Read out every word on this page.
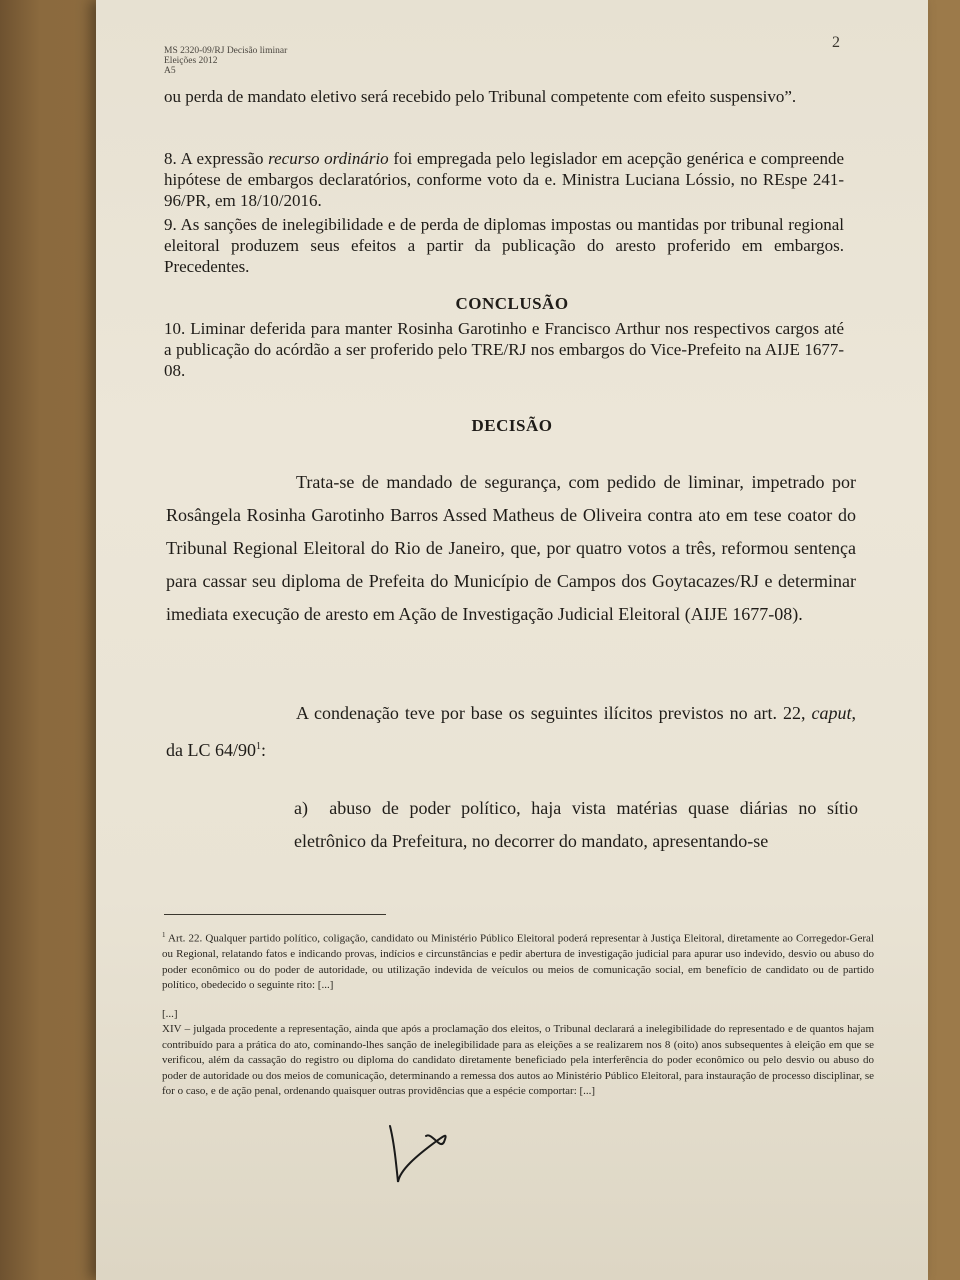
MS 2320-09/RJ Decisão liminar
Eleições 2012
A5
2
ou perda de mandato eletivo será recebido pelo Tribunal competente com efeito suspensivo”.
8. A expressão recurso ordinário foi empregada pelo legislador em acepção genérica e compreende hipótese de embargos declaratórios, conforme voto da e. Ministra Luciana Lóssio, no REspe 241-96/PR, em 18/10/2016.
9. As sanções de inelegibilidade e de perda de diplomas impostas ou mantidas por tribunal regional eleitoral produzem seus efeitos a partir da publicação do aresto proferido em embargos. Precedentes.
CONCLUSÃO
10. Liminar deferida para manter Rosinha Garotinho e Francisco Arthur nos respectivos cargos até a publicação do acórdão a ser proferido pelo TRE/RJ nos embargos do Vice-Prefeito na AIJE 1677-08.
DECISÃO
Trata-se de mandado de segurança, com pedido de liminar, impetrado por Rosângela Rosinha Garotinho Barros Assed Matheus de Oliveira contra ato em tese coator do Tribunal Regional Eleitoral do Rio de Janeiro, que, por quatro votos a três, reformou sentença para cassar seu diploma de Prefeita do Município de Campos dos Goytacazes/RJ e determinar imediata execução de aresto em Ação de Investigação Judicial Eleitoral (AIJE 1677-08).
A condenação teve por base os seguintes ilícitos previstos no art. 22, caput, da LC $64/90^1$:
a)  abuso de poder político, haja vista matérias quase diárias no sítio eletrônico da Prefeitura, no decorrer do mandato, apresentando-se
$^1$ Art. 22. Qualquer partido político, coligação, candidato ou Ministério Público Eleitoral poderá representar à Justiça Eleitoral, diretamente ao Corregedor-Geral ou Regional, relatando fatos e indicando provas, indícios e circunstâncias e pedir abertura de investigação judicial para apurar uso indevido, desvio ou abuso do poder econômico ou do poder de autoridade, ou utilização indevida de veículos ou meios de comunicação social, em benefício de candidato ou de partido político, obedecido o seguinte rito: [...]
[...]
XIV – julgada procedente a representação, ainda que após a proclamação dos eleitos, o Tribunal declarará a inelegibilidade do representado e de quantos hajam contribuído para a prática do ato, cominando-lhes sanção de inelegibilidade para as eleições a se realizarem nos 8 (oito) anos subsequentes à eleição em que se verificou, além da cassação do registro ou diploma do candidato diretamente beneficiado pela interferência do poder econômico ou pelo desvio ou abuso do poder de autoridade ou dos meios de comunicação, determinando a remessa dos autos ao Ministério Público Eleitoral, para instauração de processo disciplinar, se for o caso, e de ação penal, ordenando quaisquer outras providências que a espécie comportar: [...]
